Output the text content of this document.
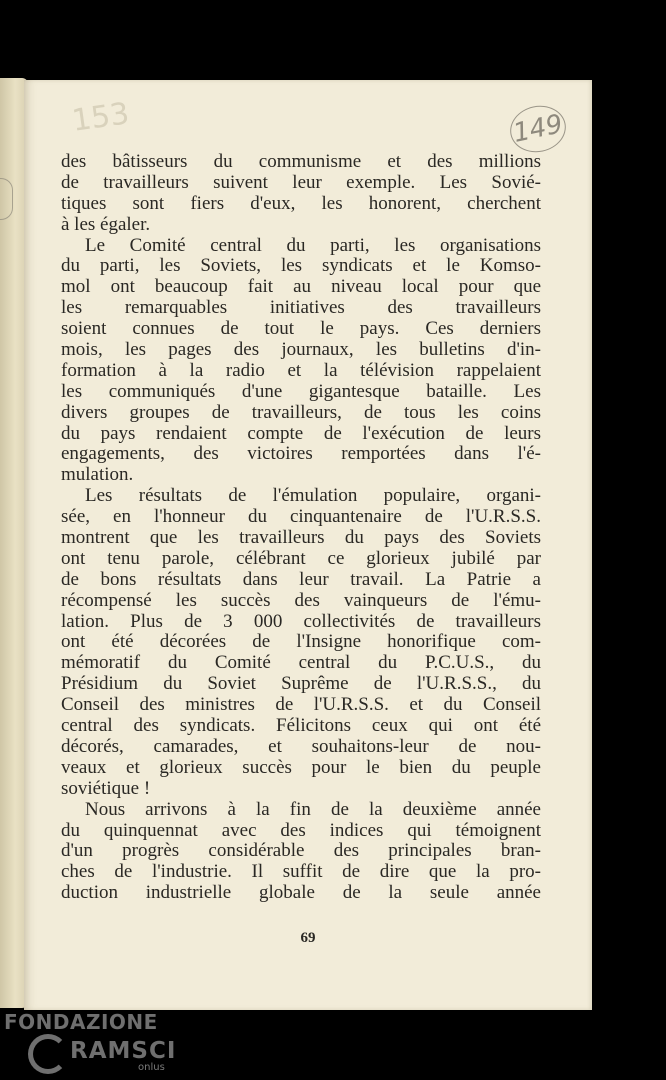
153	149
des bâtisseurs du communisme et des millions
de travailleurs suivent leur exemple. Les Sovié-
tiques sont fiers d'eux, les honorent, cherchent
à les égaler.
Le Comité central du parti, les organisations
du parti, les Soviets, les syndicats et le Komso-
mol ont beaucoup fait au niveau local pour que
les remarquables initiatives des travailleurs
soient connues de tout le pays. Ces derniers
mois, les pages des journaux, les bulletins d'in-
formation à la radio et la télévision rappelaient
les communiqués d'une gigantesque bataille. Les
divers groupes de travailleurs, de tous les coins
du pays rendaient compte de l'exécution de leurs
engagements, des victoires remportées dans l'é-
mulation.
Les résultats de l'émulation populaire, organi-
sée, en l'honneur du cinquantenaire de l'U.R.S.S.
montrent que les travailleurs du pays des Soviets
ont tenu parole, célébrant ce glorieux jubilé par
de bons résultats dans leur travail. La Patrie a
récompensé les succès des vainqueurs de l'ému-
lation. Plus de 3 000 collectivités de travailleurs
ont été décorées de l'Insigne honorifique com-
mémoratif du Comité central du P.C.U.S., du
Présidium du Soviet Suprême de l'U.R.S.S., du
Conseil des ministres de l'U.R.S.S. et du Conseil
central des syndicats. Félicitons ceux qui ont été
décorés, camarades, et souhaitons-leur de nou-
veaux et glorieux succès pour le bien du peuple
soviétique !
Nous arrivons à la fin de la deuxième année
du quinquennat avec des indices qui témoignent
d'un progrès considérable des principales bran-
ches de l'industrie. Il suffit de dire que la pro-
duction industrielle globale de la seule année
69
FONDAZIONE
RAMSCI
onlus
